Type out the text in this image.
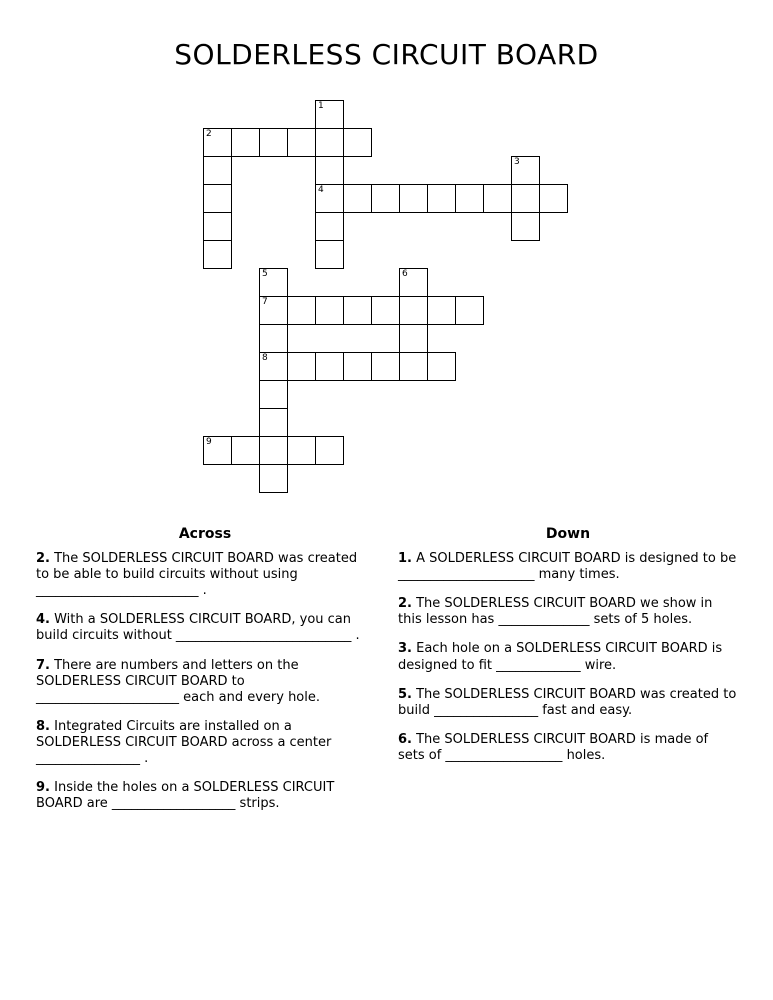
SOLDERLESS CIRCUIT BOARD
1
2
3
4
5	6
7
8
9
Across
2. The SOLDERLESS CIRCUIT BOARD was created to be able to build circuits without using _________________________ .
4. With a SOLDERLESS CIRCUIT BOARD, you can build circuits without ___________________________ .
7. There are numbers and letters on the SOLDERLESS CIRCUIT BOARD to ______________________ each and every hole.
8. Integrated Circuits are installed on a SOLDERLESS CIRCUIT BOARD across a center ________________ .
9. Inside the holes on a SOLDERLESS CIRCUIT BOARD are ___________________ strips.
Down
1. A SOLDERLESS CIRCUIT BOARD is designed to be _____________________ many times.
2. The SOLDERLESS CIRCUIT BOARD we show in this lesson has ______________ sets of 5 holes.
3. Each hole on a SOLDERLESS CIRCUIT BOARD is designed to fit _____________ wire.
5. The SOLDERLESS CIRCUIT BOARD was created to build ________________ fast and easy.
6. The SOLDERLESS CIRCUIT BOARD is made of sets of __________________ holes.
